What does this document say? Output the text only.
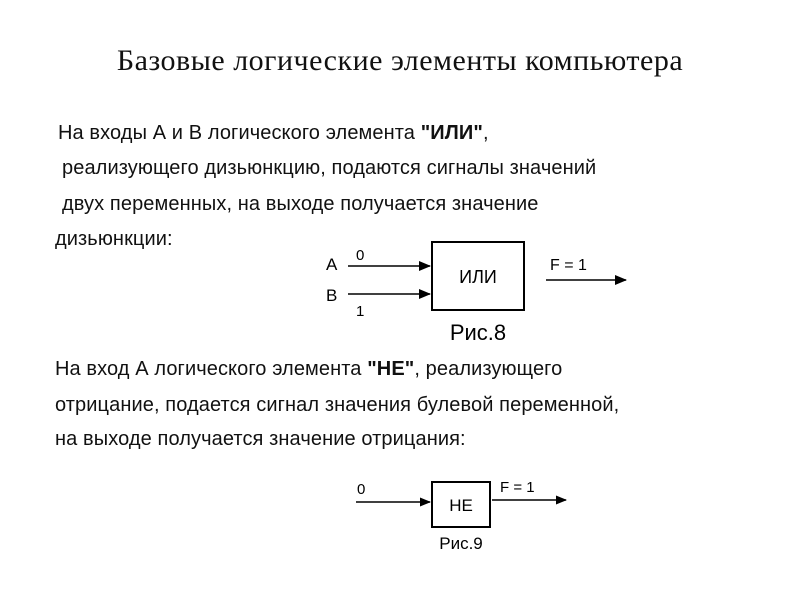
Базовые логические элементы компьютера
На входы А и В логического элемента "ИЛИ",
реализующего дизьюнкцию, подаются сигналы значений
двух переменных, на выходе получается значение
дизьюнкции:
А
В
0
1
ИЛИ
F = 1
Рис.8
На вход А логического элемента "НЕ", реализующего
отрицание, подается сигнал значения булевой переменной,
на выходе получается значение отрицания:
0
НЕ
F = 1
Рис.9
